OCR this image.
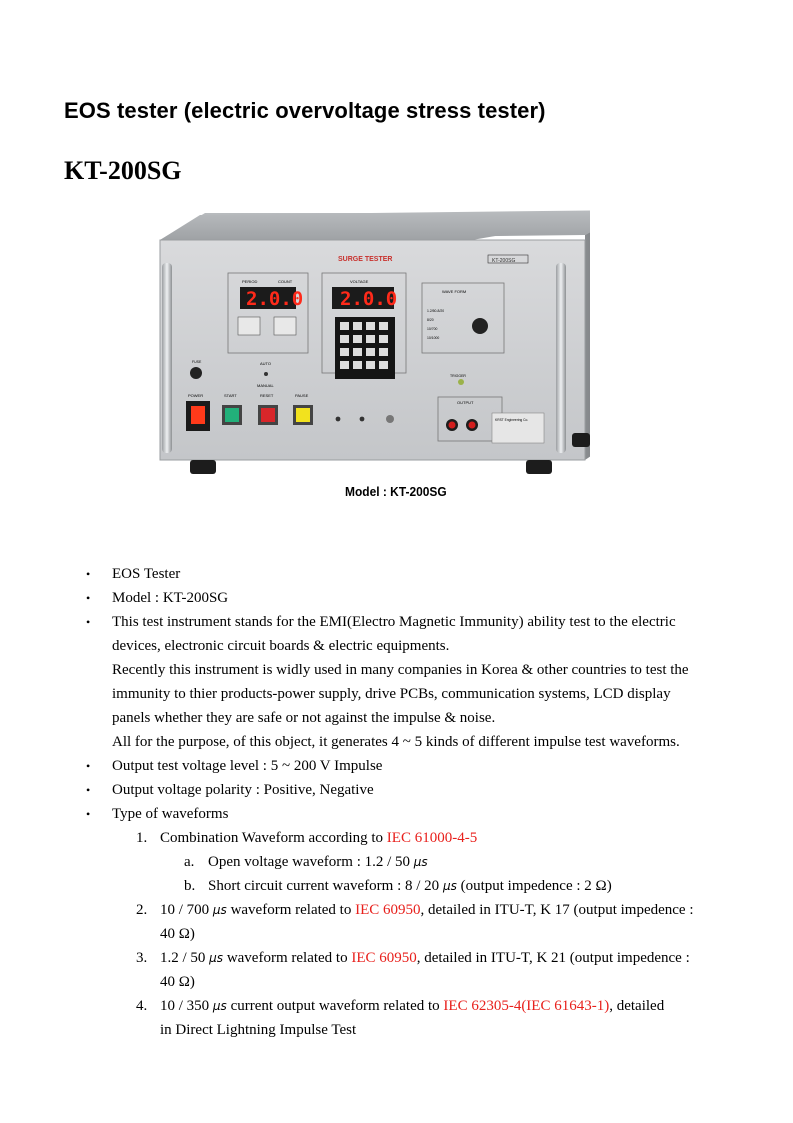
EOS tester (electric overvoltage stress tester)
KT-200SG
SURGE TESTER	KT-200SG
PERIOD	COUNT
2.0.0
VOLTAGE
2.0.0	WAVE FORM
1.2/50-8/20
8/20
10/700
10/1000
TRIGGER
FUSE	AUTO
MANUAL
POWER	START	RESET	PAUSE
OUTPUT
KRST Engineering Co.
Model : KT-200SG
• EOS Tester
• Model : KT-200SG
• This test instrument stands for the EMI(Electro Magnetic Immunity) ability test to the electric
devices, electronic circuit boards & electric equipments.
Recently this instrument is widly used in many companies in Korea & other countries to test the
immunity to thier products-power supply, drive PCBs, communication systems, LCD display
panels whether they are safe or not against the impulse & noise.
All for the purpose, of this object, it generates 4 ~ 5 kinds of different impulse test waveforms.
• Output test voltage level : 5 ~ 200 V Impulse
• Output voltage polarity : Positive, Negative
• Type of waveforms
1. Combination Waveform according to IEC 61000-4-5
a. Open voltage waveform : 1.2 / 50 μs
b. Short circuit current waveform : 8 / 20 μs (output impedence : 2 Ω)
2. 10 / 700 μs waveform related to IEC 60950, detailed in ITU-T, K 17 (output impedence :
40 Ω)
3. 1.2 / 50 μs waveform related to IEC 60950, detailed in ITU-T, K 21 (output impedence :
40 Ω)
4. 10 / 350 μs current output waveform related to IEC 62305-4(IEC 61643-1), detailed
in Direct Lightning Impulse Test
